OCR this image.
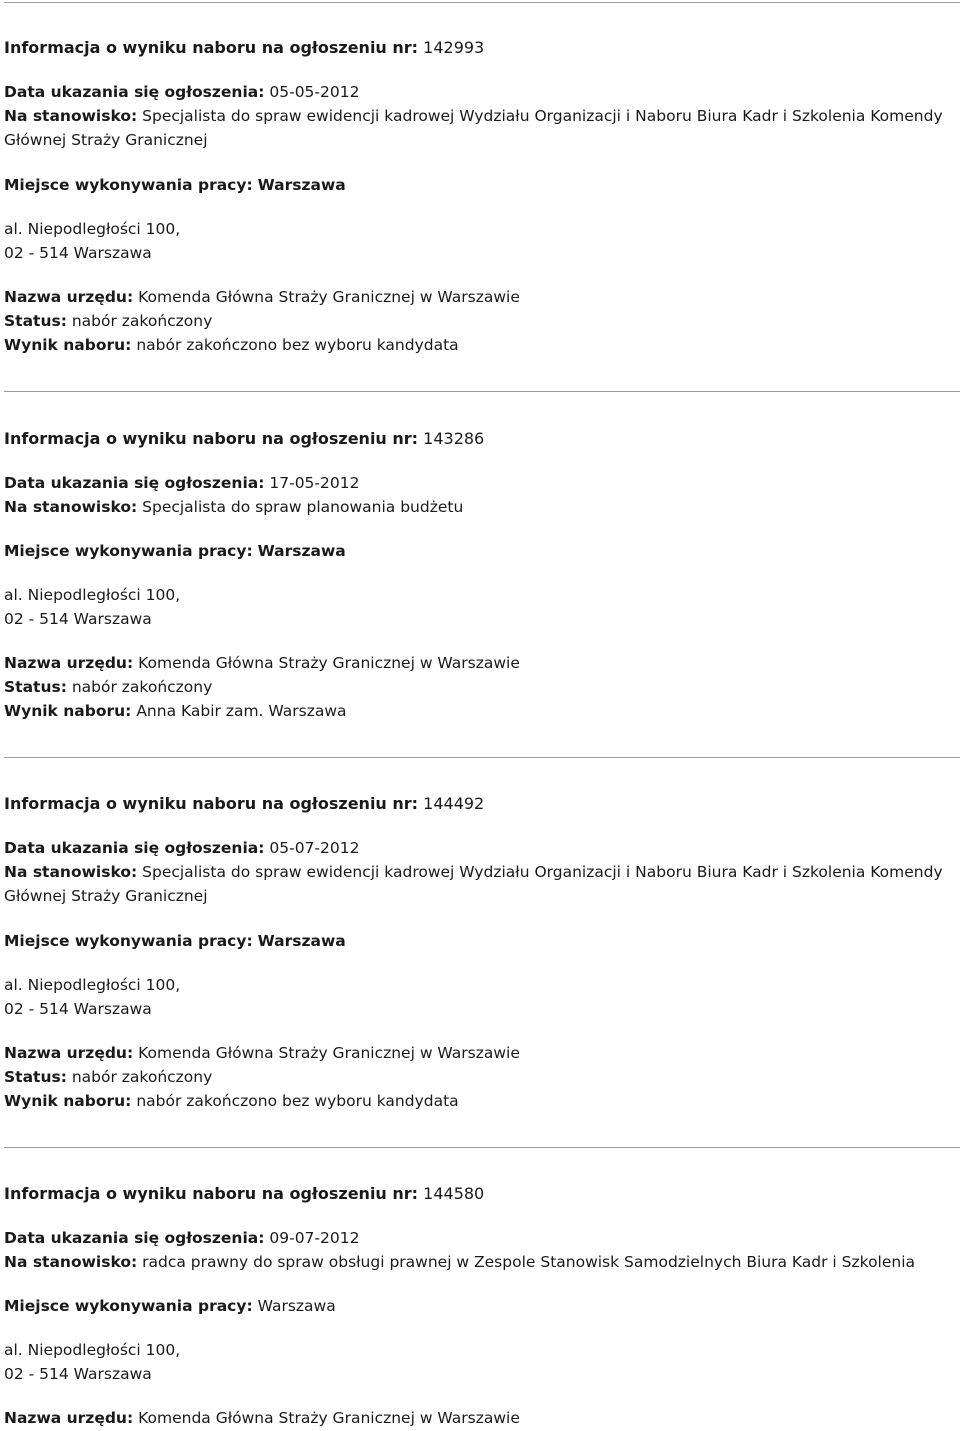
Informacja o wyniku naboru na ogłoszeniu nr: 142993
Data ukazania się ogłoszenia: 05-05-2012
Na stanowisko: Specjalista do spraw ewidencji kadrowej Wydziału Organizacji i Naboru Biura Kadr i Szkolenia Komendy Głównej Straży Granicznej
Miejsce wykonywania pracy: Warszawa
al. Niepodległości 100,
02 - 514 Warszawa
Nazwa urzędu: Komenda Główna Straży Granicznej w Warszawie
Status: nabór zakończony
Wynik naboru: nabór zakończono bez wyboru kandydata
Informacja o wyniku naboru na ogłoszeniu nr: 143286
Data ukazania się ogłoszenia: 17-05-2012
Na stanowisko: Specjalista do spraw planowania budżetu
Miejsce wykonywania pracy: Warszawa
al. Niepodległości 100,
02 - 514 Warszawa
Nazwa urzędu: Komenda Główna Straży Granicznej w Warszawie
Status: nabór zakończony
Wynik naboru: Anna Kabir zam. Warszawa
Informacja o wyniku naboru na ogłoszeniu nr: 144492
Data ukazania się ogłoszenia: 05-07-2012
Na stanowisko: Specjalista do spraw ewidencji kadrowej Wydziału Organizacji i Naboru Biura Kadr i Szkolenia Komendy Głównej Straży Granicznej
Miejsce wykonywania pracy: Warszawa
al. Niepodległości 100,
02 - 514 Warszawa
Nazwa urzędu: Komenda Główna Straży Granicznej w Warszawie
Status: nabór zakończony
Wynik naboru: nabór zakończono bez wyboru kandydata
Informacja o wyniku naboru na ogłoszeniu nr: 144580
Data ukazania się ogłoszenia: 09-07-2012
Na stanowisko: radca prawny do spraw obsługi prawnej w Zespole Stanowisk Samodzielnych Biura Kadr i Szkolenia
Miejsce wykonywania pracy: Warszawa
al. Niepodległości 100,
02 - 514 Warszawa
Nazwa urzędu: Komenda Główna Straży Granicznej w Warszawie
